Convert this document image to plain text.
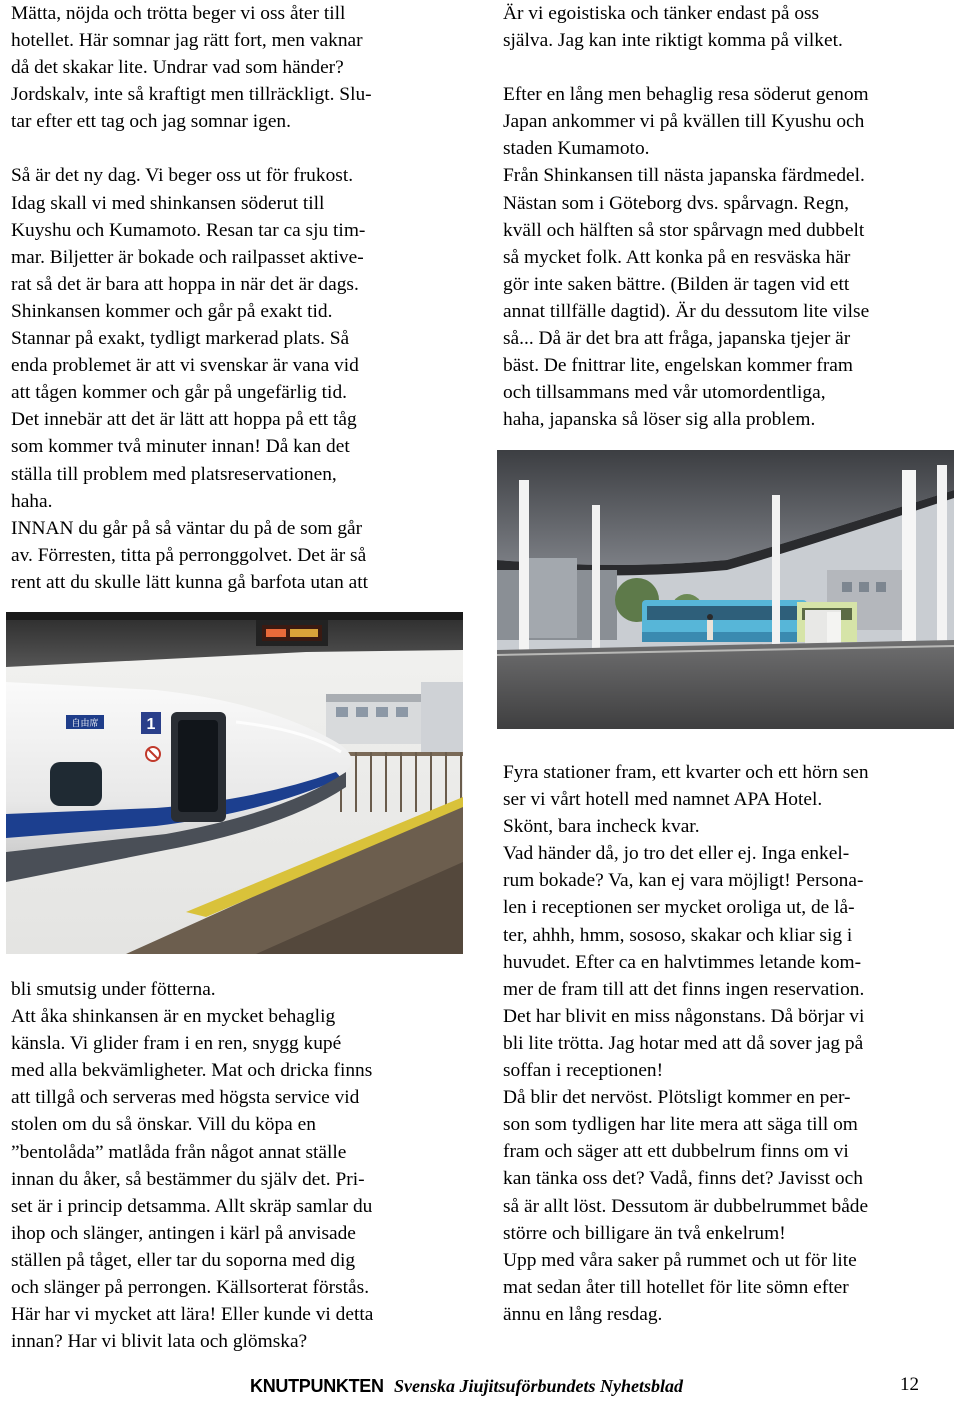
Mätta, nöjda och trötta beger vi oss åter till
hotellet. Här somnar jag rätt fort, men vaknar
då det skakar lite. Undrar vad som händer?
Jordskalv, inte så kraftigt men tillräckligt. Slu-
tar efter ett tag och jag somnar igen.
Så är det ny dag. Vi beger oss ut för frukost.
Idag skall vi med shinkansen söderut till
Kuyshu och Kumamoto. Resan tar ca sju tim-
mar. Biljetter är bokade och railpasset aktive-
rat så det är bara att hoppa in när det är dags.
Shinkansen kommer och går på exakt tid.
Stannar på exakt, tydligt markerad plats. Så
enda problemet är att vi svenskar är vana vid
att tågen kommer och går på ungefärlig tid.
Det innebär att det är lätt att hoppa på ett tåg
som kommer två minuter innan! Då kan det
ställa till problem med platsreservationen,
haha.
INNAN du går på så väntar du på de som går
av. Förresten, titta på perronggolvet. Det är så
rent att du skulle lätt kunna gå barfota utan att
1
自由席
bli smutsig under fötterna.
Att åka shinkansen är en mycket behaglig
känsla. Vi glider fram i en ren, snygg kupé
med alla bekvämligheter. Mat och dricka finns
att tillgå och serveras med högsta service vid
stolen om du så önskar. Vill du köpa en
”bentolåda” matlåda från något annat ställe
innan du åker, så bestämmer du själv det. Pri-
set är i princip detsamma. Allt skräp samlar du
ihop och slänger, antingen i kärl på anvisade
ställen på tåget, eller tar du soporna med dig
och slänger på perrongen. Källsorterat förstås.
Här har vi mycket att lära! Eller kunde vi detta
innan? Har vi blivit lata och glömska?
Är vi egoistiska och tänker endast på oss
själva. Jag kan inte riktigt komma på vilket.
Efter en lång men behaglig resa söderut genom
Japan ankommer vi på kvällen till Kyushu och
staden Kumamoto.
Från Shinkansen till nästa japanska färdmedel.
Nästan som i Göteborg dvs. spårvagn. Regn,
kväll och hälften så stor spårvagn med dubbelt
så mycket folk. Att konka på en resväska här
gör inte saken bättre. (Bilden är tagen vid ett
annat tillfälle dagtid). Är du dessutom lite vilse
så... Då är det bra att fråga, japanska tjejer är
bäst. De fnittrar lite, engelskan kommer fram
och tillsammans med vår utomordentliga,
haha, japanska så löser sig alla problem.
Fyra stationer fram, ett kvarter och ett hörn sen
ser vi vårt hotell med namnet APA Hotel.
Skönt, bara incheck kvar.
Vad händer då, jo tro det eller ej. Inga enkel-
rum bokade? Va, kan ej vara möjligt! Persona-
len i receptionen ser mycket oroliga ut, de lå-
ter, ahhh, hmm, sososo, skakar och kliar sig i
huvudet. Efter ca en halvtimmes letande kom-
mer de fram till att det finns ingen reservation.
Det har blivit en miss någonstans. Då börjar vi
bli lite trötta. Jag hotar med att då sover jag på
soffan i receptionen!
Då blir det nervöst. Plötsligt kommer en per-
son som tydligen har lite mera att säga till om
fram och säger att ett dubbelrum finns om vi
kan tänka oss det? Vadå, finns det? Javisst och
så är allt löst. Dessutom är dubbelrummet både
större och billigare än två enkelrum!
Upp med våra saker på rummet och ut för lite
mat sedan åter till hotellet för lite sömn efter
ännu en lång resdag.
KNUTPUNKTEN Svenska Jiujitsuförbundets Nyhetsblad	12
